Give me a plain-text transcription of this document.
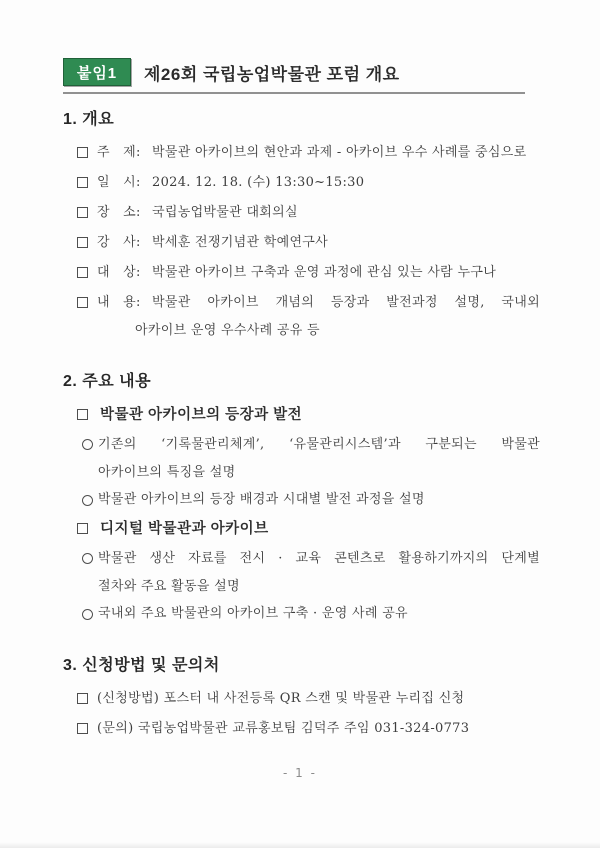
붙임1	제26회 국립농업박물관 포럼 개요
1. 개요
주　제: 박물관 아카이브의 현안과 과제 - 아카이브 우수 사례를 중심으로
일　시: 2024. 12. 18. (수) 13:30~15:30
장　소: 국립농업박물관 대회의실
강　사: 박세훈 전쟁기념관 학예연구사
대　상: 박물관 아카이브 구축과 운영 과정에 관심 있는 사람 누구나
내　용: 박물관 아카이브 개념의 등장과 발전과정 설명, 국내외
아카이브 운영 우수사례 공유 등
2. 주요 내용
박물관 아카이브의 등장과 발전
기존의 ‘기록물관리체계’, ‘유물관리시스템’과 구분되는 박물관
아카이브의 특징을 설명
박물관 아카이브의 등장 배경과 시대별 발전 과정을 설명
디지털 박물관과 아카이브
박물관 생산 자료를 전시 · 교육 콘텐츠로 활용하기까지의 단계별
절차와 주요 활동을 설명
국내외 주요 박물관의 아카이브 구축 · 운영 사례 공유
3. 신청방법 및 문의처
(신청방법) 포스터 내 사전등록 QR 스캔 및 박물관 누리집 신청
(문의) 국립농업박물관 교류홍보팀 김덕주 주임 031-324-0773
- 1 -
